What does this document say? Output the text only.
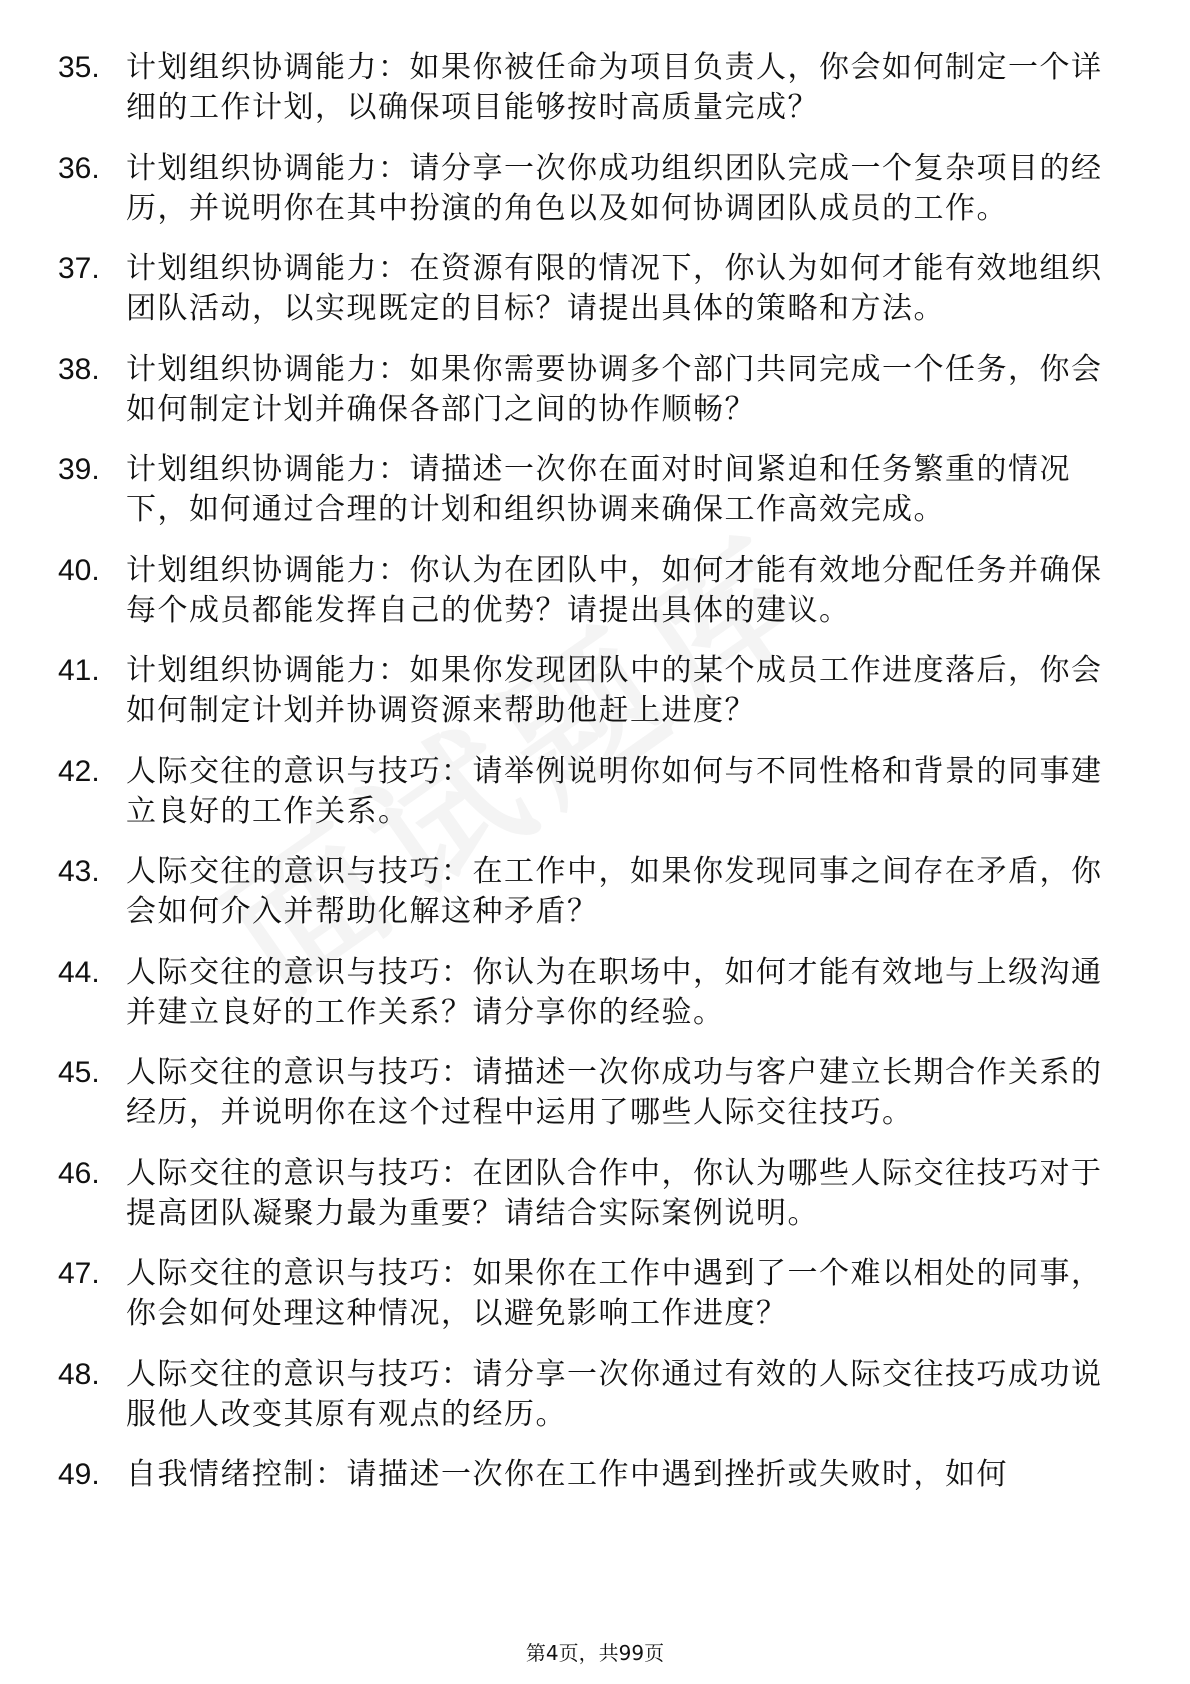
35. 计划组织协调能力：如果你被任命为项目负责人，你会如何制定一个详细的工作计划，以确保项目能够按时高质量完成？
36. 计划组织协调能力：请分享一次你成功组织团队完成一个复杂项目的经历，并说明你在其中扮演的角色以及如何协调团队成员的工作。
37. 计划组织协调能力：在资源有限的情况下，你认为如何才能有效地组织团队活动，以实现既定的目标？请提出具体的策略和方法。
38. 计划组织协调能力：如果你需要协调多个部门共同完成一个任务，你会如何制定计划并确保各部门之间的协作顺畅？
39. 计划组织协调能力：请描述一次你在面对时间紧迫和任务繁重的情况下，如何通过合理的计划和组织协调来确保工作高效完成。
40. 计划组织协调能力：你认为在团队中，如何才能有效地分配任务并确保每个成员都能发挥自己的优势？请提出具体的建议。
41. 计划组织协调能力：如果你发现团队中的某个成员工作进度落后，你会如何制定计划并协调资源来帮助他赶上进度？
42. 人际交往的意识与技巧：请举例说明你如何与不同性格和背景的同事建立良好的工作关系。
43. 人际交往的意识与技巧：在工作中，如果你发现同事之间存在矛盾，你会如何介入并帮助化解这种矛盾？
44. 人际交往的意识与技巧：你认为在职场中，如何才能有效地与上级沟通并建立良好的工作关系？请分享你的经验。
45. 人际交往的意识与技巧：请描述一次你成功与客户建立长期合作关系的经历，并说明你在这个过程中运用了哪些人际交往技巧。
46. 人际交往的意识与技巧：在团队合作中，你认为哪些人际交往技巧对于提高团队凝聚力最为重要？请结合实际案例说明。
47. 人际交往的意识与技巧：如果你在工作中遇到了一个难以相处的同事，你会如何处理这种情况，以避免影响工作进度？
48. 人际交往的意识与技巧：请分享一次你通过有效的人际交往技巧成功说服他人改变其原有观点的经历。
49. 自我情绪控制：请描述一次你在工作中遇到挫折或失败时，如何
第4页，共99页
